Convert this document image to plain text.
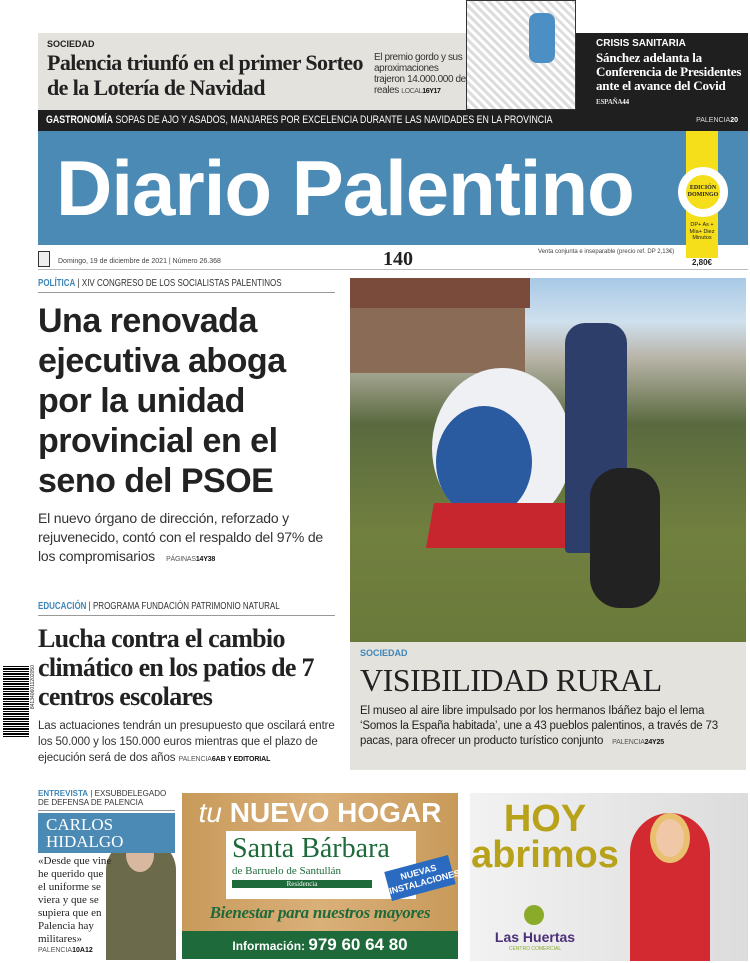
SOCIEDAD
Palencia triunfó en el primer Sorteo de la Lotería de Navidad
El premio gordo y sus aproximaciones trajeron 14.000.000 de reales LOCAL16Y17
CRISIS SANITARIA
Sánchez adelanta la Conferencia de Presidentes ante el avance del Covid ESPAÑA44
GASTRONOMÍA SOPAS DE AJO Y ASADOS, MANJARES POR EXCELENCIA DURANTE LAS NAVIDADES EN LA PROVINCIA	PALENCIA20
Diario Palentino	EDICIÓN DOMINGO
DP+ As + Mía+ Diez Minutos
2,80€
Domingo, 19 de diciembre de 2021 | Número 26.368	140	Venta conjunta e inseparable (precio ref. DP 2,13€)
POLÍTICA | XIV CONGRESO DE LOS SOCIALISTAS PALENTINOS
Una renovada ejecutiva aboga por la unidad provincial en el seno del PSOE
El nuevo órgano de dirección, reforzado y rejuvenecido, contó con el respaldo del 97% de los compromisarios PÁGINAS14Y38
EDUCACIÓN | PROGRAMA FUNDACIÓN PATRIMONIO NATURAL
Lucha contra el cambio climático en los patios de 7 centros escolares
Las actuaciones tendrán un presupuesto que oscilará entre los 50.000 y los 150.000 euros mientras que el plazo de ejecución será de dos años PALENCIA6AB Y EDITORIAL
8413406011202050
SOCIEDAD
VISIBILIDAD RURAL
El museo al aire libre impulsado por los hermanos Ibáñez bajo el lema ‘Somos la España habitada’, une a 43 pueblos palentinos, a través de 73 pacas, para ofrecer un producto turístico conjunto PALENCIA24Y25
ENTREVISTA | EXSUBDELEGADO DE DEFENSA DE PALENCIA
CARLOS HIDALGO
«Desde que vine he querido que el uniforme se viera y que se supiera que en Palencia hay militares»
PALENCIA10A12
tu NUEVO HOGAR
Santa Bárbara
de Barruelo de Santullán
Residencia
NUEVAS INSTALACIONES
Bienestar para nuestros mayores
Información: 979 60 64 80
HOY
abrimos
Las Huertas
CENTRO COMERCIAL
